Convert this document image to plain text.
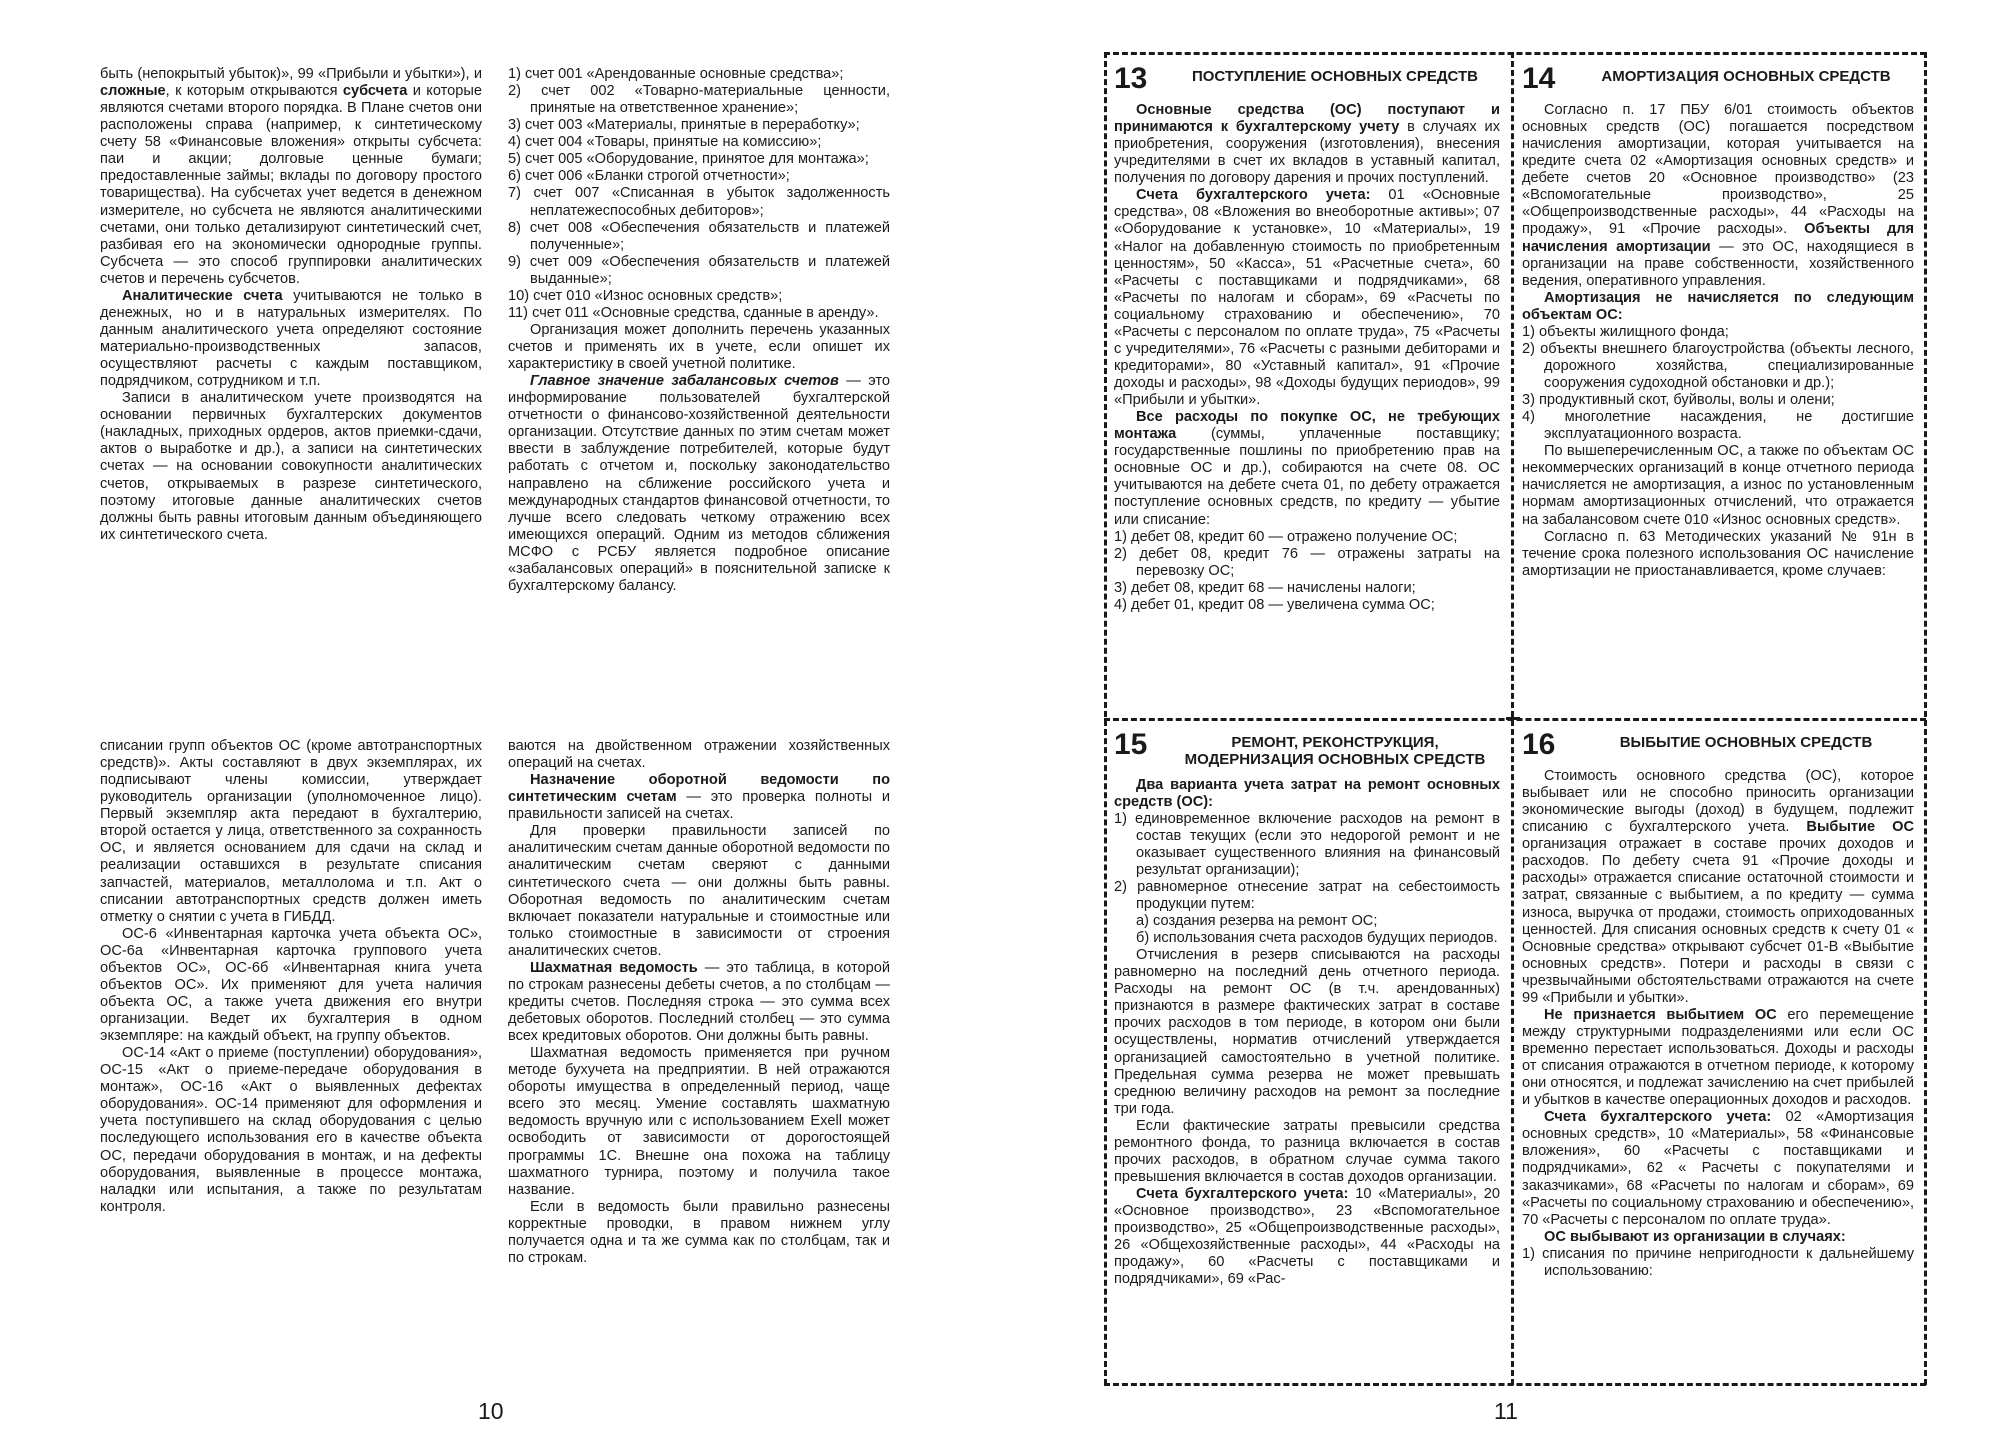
быть (непокрытый убыток)», 99 «Прибыли и убытки»), и сложные, к которым открываются субсчета и которые являются счетами второго порядка. В Плане счетов они расположены справа (например, к синтетическому счету 58 «Финансовые вложения» открыты субсчета: паи и акции; долговые ценные бумаги; предоставленные займы; вклады по договору простого товарищества). На субсчетах учет ведется в денежном измерителе, но субсчета не являются аналитическими счетами, они только детализируют синтетический счет, разбивая его на экономически однородные группы. Субсчета — это способ группировки аналитических счетов и перечень субсчетов.

Аналитические счета учитываются не только в денежных, но и в натуральных измерителях. По данным аналитического учета определяют состояние материально-производственных запасов, осуществляют расчеты с каждым поставщиком, подрядчиком, сотрудником и т.п.

Записи в аналитическом учете производятся на основании первичных бухгалтерских документов (накладных, приходных ордеров, актов приемки-сдачи, актов о выработке и др.), а записи на синтетических счетах — на основании совокупности аналитических счетов, открываемых в разрезе синтетического, поэтому итоговые данные аналитических счетов должны быть равны итоговым данным объединяющего их синтетического счета.

1) счет 001 «Арендованные основные средства»;
2) счет 002 «Товарно-материальные ценности, принятые на ответственное хранение»;
3) счет 003 «Материалы, принятые в переработку»;
4) счет 004 «Товары, принятые на комиссию»;
5) счет 005 «Оборудование, принятое для монтажа»;
6) счет 006 «Бланки строгой отчетности»;
7) счет 007 «Списанная в убыток задолженность неплатежеспособных дебиторов»;
8) счет 008 «Обеспечения обязательств и платежей полученные»;
9) счет 009 «Обеспечения обязательств и платежей выданные»;
10) счет 010 «Износ основных средств»;
11) счет 011 «Основные средства, сданные в аренду».

Организация может дополнить перечень указанных счетов и применять их в учете, если опишет их характеристику в своей учетной политике.

Главное значение забалансовых счетов — это информирование пользователей бухгалтерской отчетности о финансово-хозяйственной деятельности организации. Отсутствие данных по этим счетам может ввести в заблуждение потребителей, которые будут работать с отчетом и, поскольку законодательство направлено на сближение российского учета и международных стандартов финансовой отчетности, то лучше всего следовать четкому отражению всех имеющихся операций. Одним из методов сближения МСФО с РСБУ является подробное описание «забалансовых операций» в пояснительной записке к бухгалтерскому балансу.

списании групп объектов ОС (кроме автотранспортных средств)». Акты составляют в двух экземплярах, их подписывают члены комиссии, утверждает руководитель организации (уполномоченное лицо). Первый экземпляр акта передают в бухгалтерию, второй остается у лица, ответственного за сохранность ОС, и является основанием для сдачи на склад и реализации оставшихся в результате списания запчастей, материалов, металлолома и т.п. Акт о списании автотранспортных средств должен иметь отметку о снятии с учета в ГИБДД.

ОС-6 «Инвентарная карточка учета объекта ОС», ОС-6а «Инвентарная карточка группового учета объектов ОС», ОС-6б «Инвентарная книга учета объектов ОС». Их применяют для учета наличия объекта ОС, а также учета движения его внутри организации. Ведет их бухгалтерия в одном экземпляре: на каждый объект, на группу объектов.

ОС-14 «Акт о приеме (поступлении) оборудования», ОС-15 «Акт о приеме-передаче оборудования в монтаж», ОС-16 «Акт о выявленных дефектах оборудования». ОС-14 применяют для оформления и учета поступившего на склад оборудования с целью последующего использования его в качестве объекта ОС, передачи оборудования в монтаж, и на дефекты оборудования, выявленные в процессе монтажа, наладки или испытания, а также по результатам контроля.

ваются на двойственном отражении хозяйственных операций на счетах.

Назначение оборотной ведомости по синтетическим счетам — это проверка полноты и правильности записей на счетах.

Для проверки правильности записей по аналитическим счетам данные оборотной ведомости по аналитическим счетам сверяют с данными синтетического счета — они должны быть равны. Оборотная ведомость по аналитическим счетам включает показатели натуральные и стоимостные или только стоимостные в зависимости от строения аналитических счетов.

Шахматная ведомость — это таблица, в которой по строкам разнесены дебеты счетов, а по столбцам — кредиты счетов. Последняя строка — это сумма всех дебетовых оборотов. Последний столбец — это сумма всех кредитовых оборотов. Они должны быть равны.

Шахматная ведомость применяется при ручном методе бухучета на предприятии. В ней отражаются обороты имущества в определенный период, чаще всего это месяц. Умение составлять шахматную ведомость вручную или с использованием Exell может освободить от зависимости от дорогостоящей программы 1С. Внешне она похожа на таблицу шахматного турнира, поэтому и получила такое название.

Если в ведомость были правильно разнесены корректные проводки, в правом нижнем углу получается одна и та же сумма как по столбцам, так и по строкам.

10
13	ПОСТУПЛЕНИЕ ОСНОВНЫХ СРЕДСТВ

Основные средства (ОС) поступают и принимаются к бухгалтерскому учету в случаях их приобретения, сооружения (изготовления), внесения учредителями в счет их вкладов в уставный капитал, получения по договору дарения и прочих поступлений.

Счета бухгалтерского учета: 01 «Основные средства», 08 «Вложения во внеоборотные активы»; 07 «Оборудование к установке», 10 «Материалы», 19 «Налог на добавленную стоимость по приобретенным ценностям», 50 «Касса», 51 «Расчетные счета», 60 «Расчеты с поставщиками и подрядчиками», 68 «Расчеты по налогам и сборам», 69 «Расчеты по социальному страхованию и обеспечению», 70 «Расчеты с персоналом по оплате труда», 75 «Расчеты с учредителями», 76 «Расчеты с разными дебиторами и кредиторами», 80 «Уставный капитал», 91 «Прочие доходы и расходы», 98 «Доходы будущих периодов», 99 «Прибыли и убытки».

Все расходы по покупке ОС, не требующих монтажа (суммы, уплаченные поставщику; государственные пошлины по приобретению прав на основные ОС и др.), собираются на счете 08. ОС учитываются на дебете счета 01, по дебету отражается поступление основных средств, по кредиту — убытие или списание:

1) дебет 08, кредит 60 — отражено получение ОС;
2) дебет 08, кредит 76 — отражены затраты на перевозку ОС;
3) дебет 08, кредит 68 — начислены налоги;
4) дебет 01, кредит 08 — увеличена сумма ОС;
14	АМОРТИЗАЦИЯ ОСНОВНЫХ СРЕДСТВ

Согласно п. 17 ПБУ 6/01 стоимость объектов основных средств (ОС) погашается посредством начисления амортизации, которая учитывается на кредите счета 02 «Амортизация основных средств» и дебете счетов 20 «Основное производство» (23 «Вспомогательные производство», 25 «Общепроизводственные расходы», 44 «Расходы на продажу», 91 «Прочие расходы». Объекты для начисления амортизации — это ОС, находящиеся в организации на праве собственности, хозяйственного ведения, оперативного управления.

Амортизация не начисляется по следующим объектам ОС:

1) объекты жилищного фонда;
2) объекты внешнего благоустройства (объекты лесного, дорожного хозяйства, специализированные сооружения судоходной обстановки и др.);
3) продуктивный скот, буйволы, волы и олени;
4) многолетние насаждения, не достигшие эксплуатационного возраста.

По вышеперечисленным ОС, а также по объектам ОС некоммерческих организаций в конце отчетного периода начисляется не амортизация, а износ по установленным нормам амортизационных отчислений, что отражается на забалансовом счете 010 «Износ основных средств».

Согласно п. 63 Методических указаний № 91н в течение срока полезного использования ОС начисление амортизации не приостанавливается, кроме случаев:

15	РЕМОНТ, РЕКОНСТРУКЦИЯ, МОДЕРНИЗАЦИЯ ОСНОВНЫХ СРЕДСТВ

Два варианта учета затрат на ремонт основных средств (ОС):

1) единовременное включение расходов на ремонт в состав текущих (если это недорогой ремонт и не оказывает существенного влияния на финансовый результат организации);
2) равномерное отнесение затрат на себестоимость продукции путем:
а) создания резерва на ремонт ОС;
б) использования счета расходов будущих периодов.

Отчисления в резерв списываются на расходы равномерно на последний день отчетного периода. Расходы на ремонт ОС (в т.ч. арендованных) признаются в размере фактических затрат в составе прочих расходов в том периоде, в котором они были осуществлены, норматив отчислений утверждается организацией самостоятельно в учетной политике. Предельная сумма резерва не может превышать среднюю величину расходов на ремонт за последние три года.

Если фактические затраты превысили средства ремонтного фонда, то разница включается в состав прочих расходов, в обратном случае сумма такого превышения включается в состав доходов организации.

Счета бухгалтерского учета: 10 «Материалы», 20 «Основное производство», 23 «Вспомогательное производство», 25 «Общепроизводственные расходы», 26 «Общехозяйственные расходы», 44 «Расходы на продажу», 60 «Расчеты с поставщиками и подрядчиками», 69 «Рас-

16	ВЫБЫТИЕ ОСНОВНЫХ СРЕДСТВ

Стоимость основного средства (ОС), которое выбывает или не способно приносить организации экономические выгоды (доход) в будущем, подлежит списанию с бухгалтерского учета. Выбытие ОС организация отражает в составе прочих доходов и расходов. По дебету счета 91 «Прочие доходы и расходы» отражается списание остаточной стоимости и затрат, связанные с выбытием, а по кредиту — сумма износа, выручка от продажи, стоимость оприходованных ценностей. Для списания основных средств к счету 01 « Основные средства» открывают субсчет 01-В «Выбытие основных средств». Потери и расходы в связи с чрезвычайными обстоятельствами отражаются на счете 99 «Прибыли и убытки».

Не признается выбытием ОС его перемещение между структурными подразделениями или если ОС временно перестает использоваться. Доходы и расходы от списания отражаются в отчетном периоде, к которому они относятся, и подлежат зачислению на счет прибылей и убытков в качестве операционных доходов и расходов.

Счета бухгалтерского учета: 02 «Амортизация основных средств», 10 «Материалы», 58 «Финансовые вложения», 60 «Расчеты с поставщиками и подрядчиками», 62 « Расчеты с покупателями и заказчиками», 68 «Расчеты по налогам и сборам», 69 «Расчеты по социальному страхованию и обеспечению», 70 «Расчеты с персоналом по оплате труда».

ОС выбывают из организации в случаях:

1) списания по причине непригодности к дальнейшему использованию:
11
